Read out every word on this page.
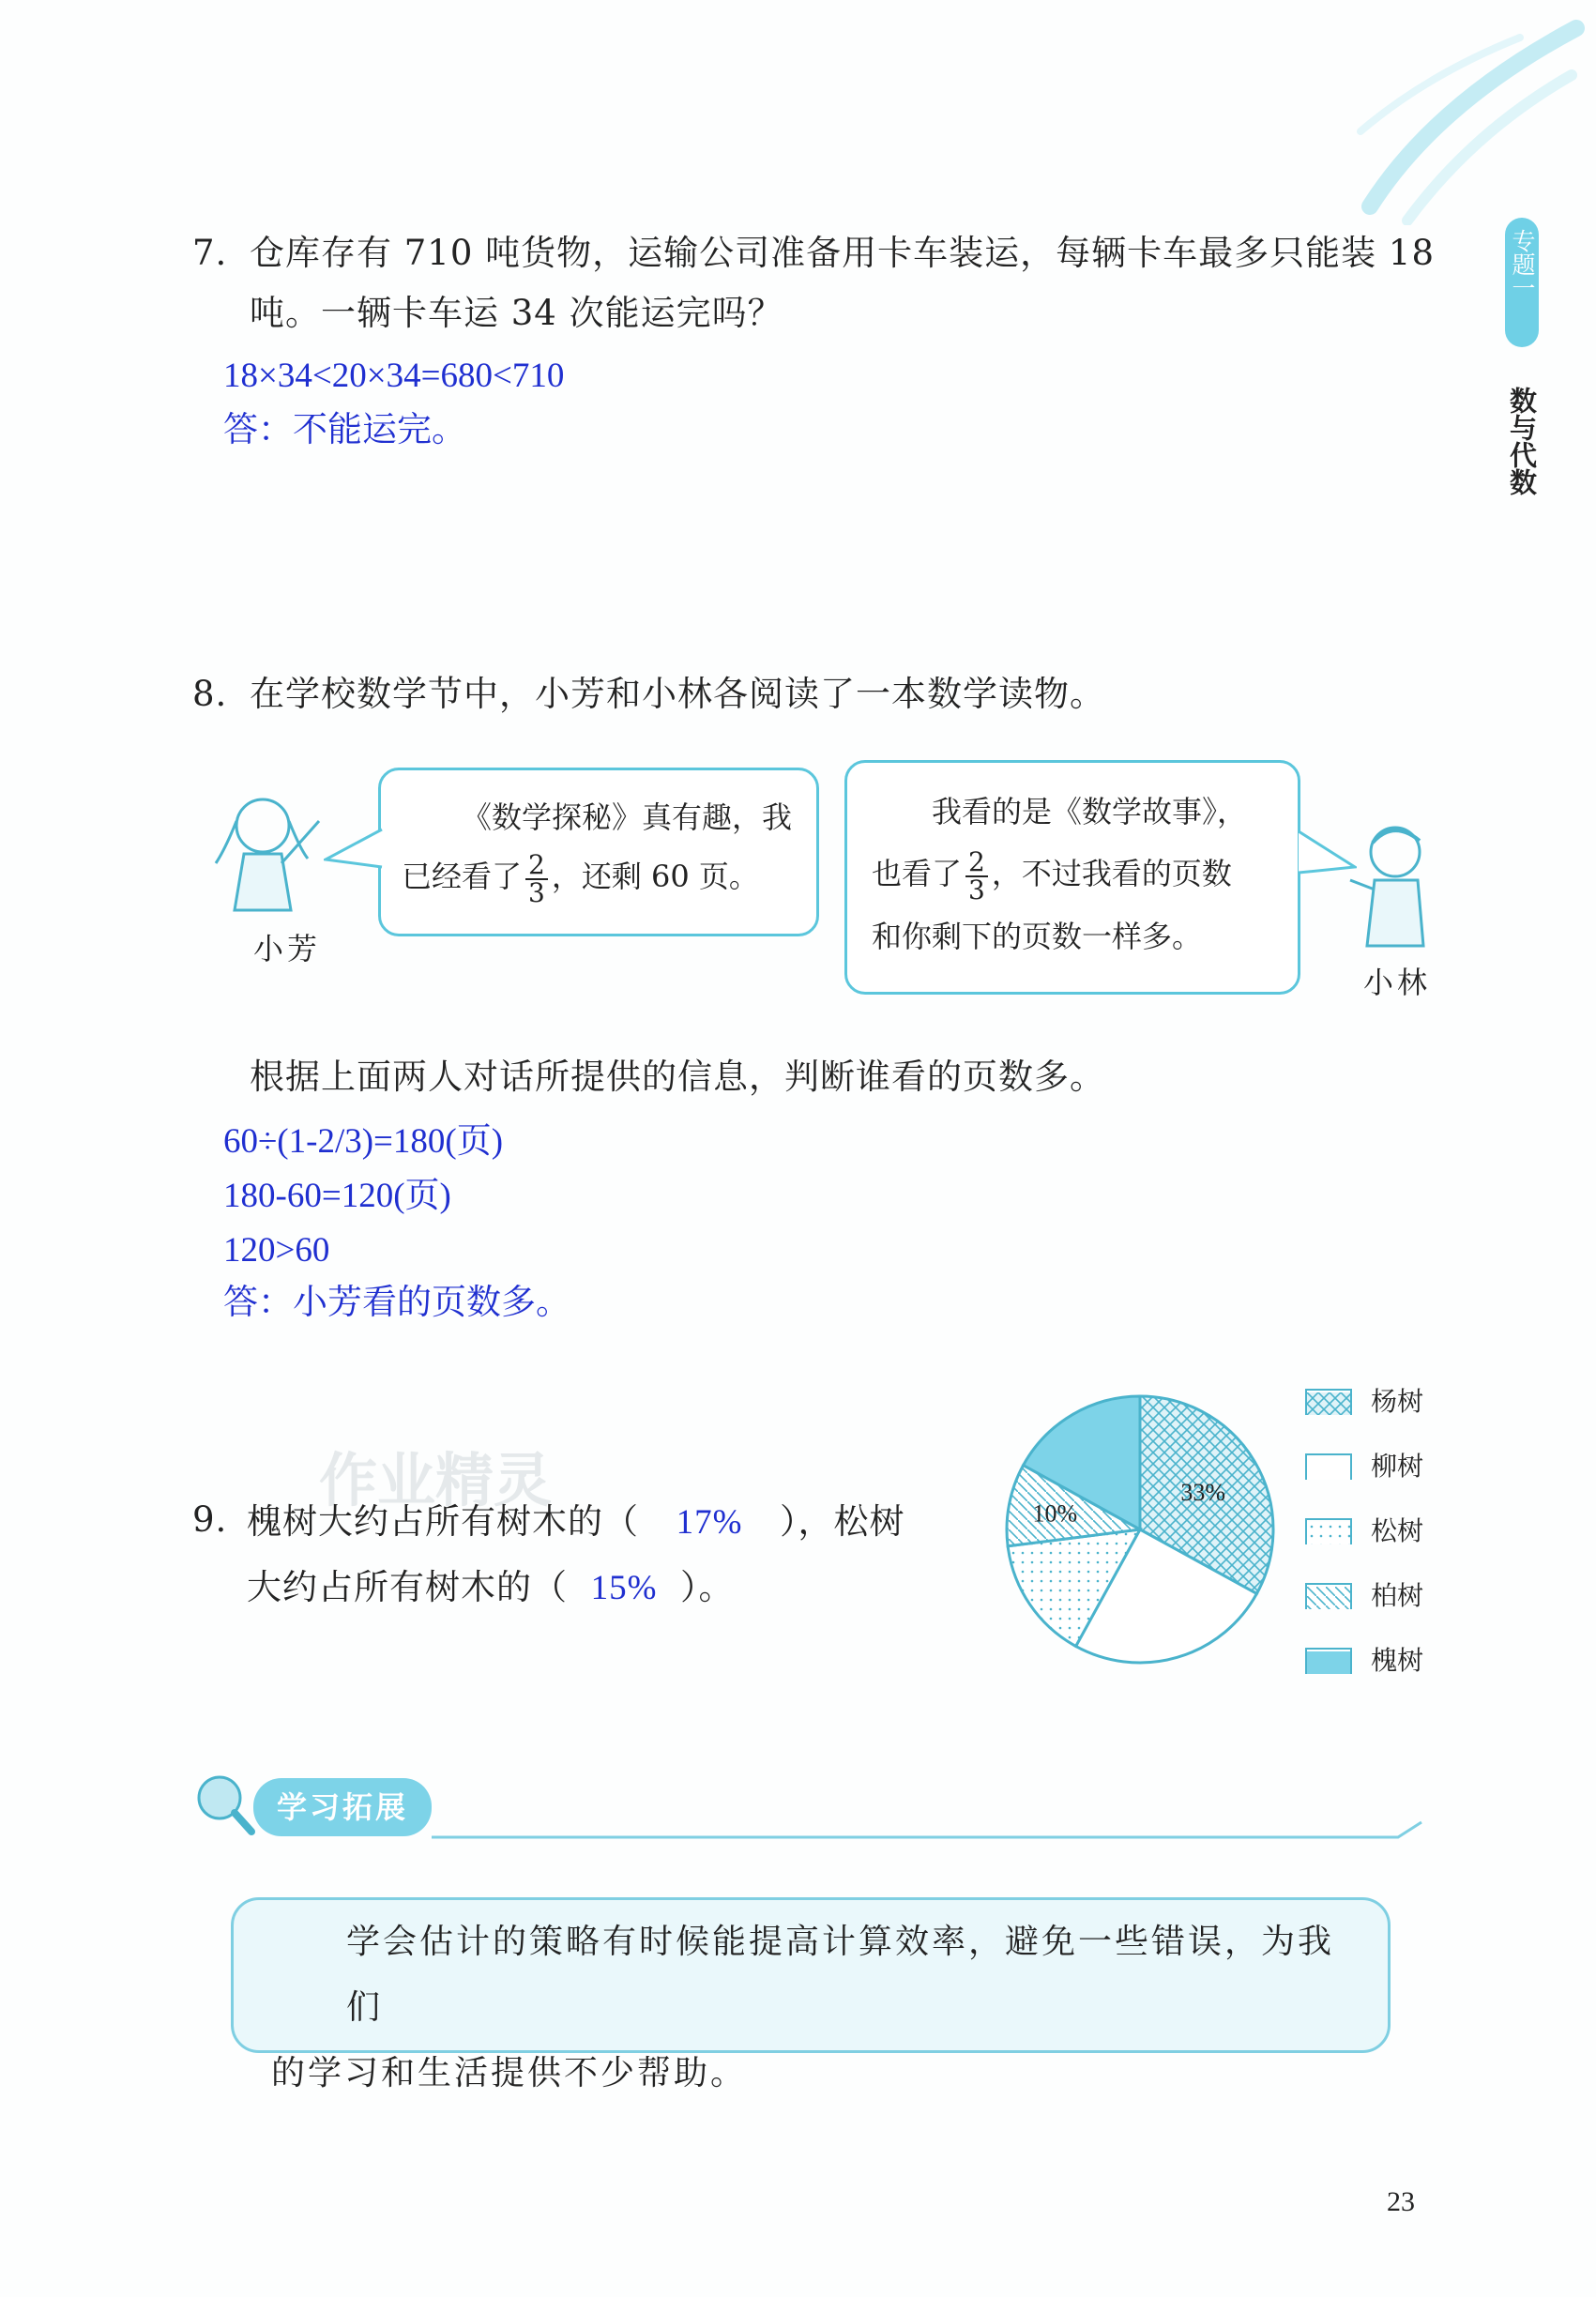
专题一
数与代数
7. 仓库存有 710 吨货物，运输公司准备用卡车装运，每辆卡车最多只能装 18
吨。一辆卡车运 34 次能运完吗？
18×34<20×34=680<710
答：不能运完。
8. 在学校数学节中，小芳和小林各阅读了一本数学读物。
小芳
《数学探秘》真有趣，我
已经看了 $\frac{2}{3}$ ，还剩 60 页。
我看的是《数学故事》，
也看了 $\frac{2}{3}$ ，不过我看的页数
和你剩下的页数一样多。
小林
根据上面两人对话所提供的信息，判断谁看的页数多。
60÷(1-2/3)=180(页)
180-60=120(页)
120>60
答：小芳看的页数多。
作业精灵
9. 槐树大约占所有树木的（ 17% ），松树
大约占所有树木的（ 15% ）。
33%
10%
杨树
柳树
松树
柏树
槐树
学习拓展
学会估计的策略有时候能提高计算效率，避免一些错误，为我们
的学习和生活提供不少帮助。
23
